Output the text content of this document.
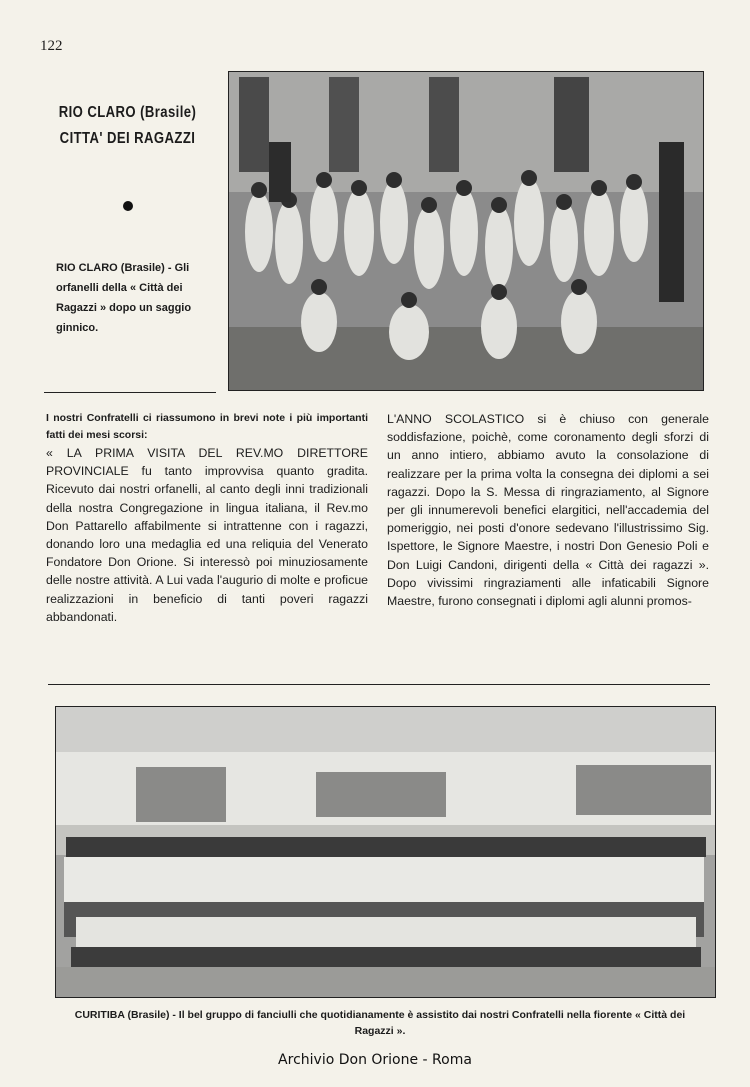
122
RIO CLARO (Brasile)
CITTA' DEI RAGAZZI
RIO CLARO (Brasile) - Gli orfanelli della « Città dei Ragazzi » dopo un saggio ginnico.

I nostri Confratelli ci riassumono in brevi note i più importanti fatti dei mesi scorsi:

« LA PRIMA VISITA DEL REV.MO DIRETTORE PROVINCIALE fu tanto improvvisa quanto gradita. Ricevuto dai nostri orfanelli, al canto degli inni tradizionali della nostra Congregazione in lingua italiana, il Rev.mo Don Pattarello affabilmente si intrattenne con i ragazzi, donando loro una medaglia ed una reliquia del Venerato Fondatore Don Orione. Si interessò poi minuziosamente delle nostre attività. A Lui vada l'augurio di molte e proficue realizzazioni in beneficio di tanti poveri ragazzi abbandonati.

L'ANNO SCOLASTICO si è chiuso con generale soddisfazione, poichè, come coronamento degli sforzi di un anno intiero, abbiamo avuto la consolazione di realizzare per la prima volta la consegna dei diplomi a sei ragazzi. Dopo la S. Messa di ringraziamento, al Signore per gli innumerevoli benefici elargitici, nell'accademia del pomeriggio, nei posti d'onore sedevano l'illustrissimo Sig. Ispettore, le Signore Maestre, i nostri Don Genesio Poli e Don Luigi Candoni, dirigenti della « Città dei ragazzi ». Dopo vivissimi ringraziamenti alle infaticabili Signore Maestre, furono consegnati i diplomi agli alunni promos-

CURITIBA (Brasile) - Il bel gruppo di fanciulli che quotidianamente è assistito dai nostri Confratelli nella fiorente « Città dei Ragazzi ».
Archivio Don Orione - Roma
